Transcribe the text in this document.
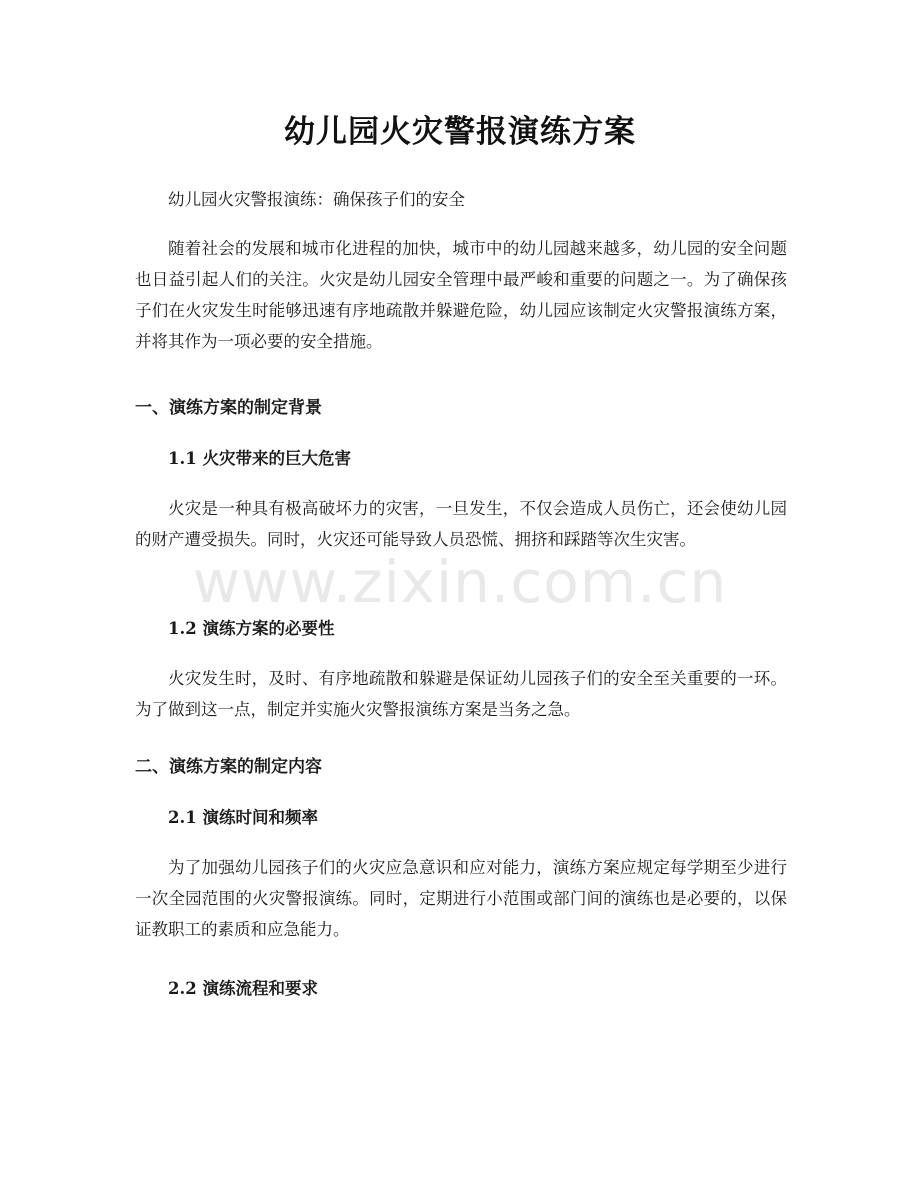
幼儿园火灾警报演练方案

幼儿园火灾警报演练：确保孩子们的安全

随着社会的发展和城市化进程的加快，城市中的幼儿园越来越多，幼儿园的安全问题也日益引起人们的关注。火灾是幼儿园安全管理中最严峻和重要的问题之一。为了确保孩子们在火灾发生时能够迅速有序地疏散并躲避危险，幼儿园应该制定火灾警报演练方案，并将其作为一项必要的安全措施。

一、演练方案的制定背景
1.1 火灾带来的巨大危害

火灾是一种具有极高破坏力的灾害，一旦发生，不仅会造成人员伤亡，还会使幼儿园的财产遭受损失。同时，火灾还可能导致人员恐慌、拥挤和踩踏等次生灾害。

1.2 演练方案的必要性

火灾发生时，及时、有序地疏散和躲避是保证幼儿园孩子们的安全至关重要的一环。为了做到这一点，制定并实施火灾警报演练方案是当务之急。

二、演练方案的制定内容
2.1 演练时间和频率

为了加强幼儿园孩子们的火灾应急意识和应对能力，演练方案应规定每学期至少进行一次全园范围的火灾警报演练。同时，定期进行小范围或部门间的演练也是必要的，以保证教职工的素质和应急能力。

2.2 演练流程和要求
www.zixin.com.cn
